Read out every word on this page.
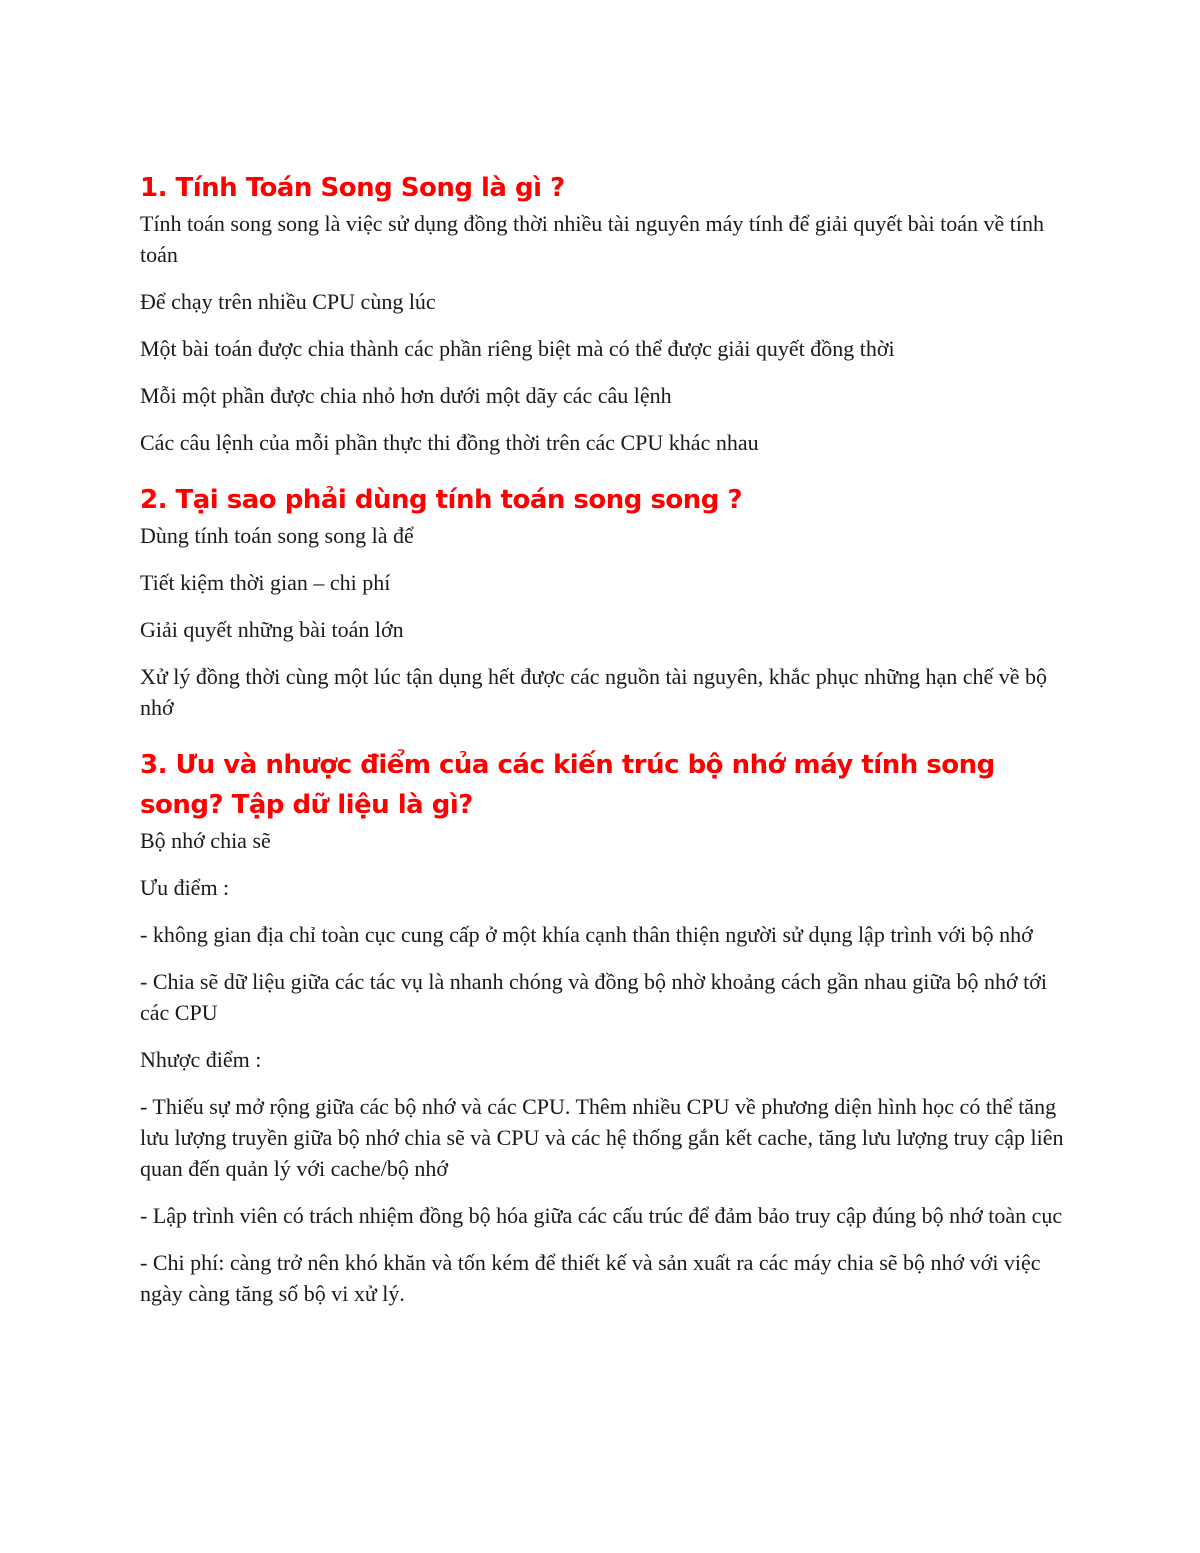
1. Tính Toán Song Song là gì ?

Tính toán song song là việc sử dụng đồng thời nhiều tài nguyên máy tính để giải quyết bài toán về tính toán

Để chạy trên nhiều CPU cùng lúc

Một bài toán được chia thành các phần riêng biệt mà có thể được giải quyết đồng thời

Mỗi một phần được chia nhỏ hơn dưới một dãy các câu lệnh

Các câu lệnh của mỗi phần thực thi đồng thời trên các CPU khác nhau

2. Tại sao phải dùng tính toán song song ?

Dùng tính toán song song là để

Tiết kiệm thời gian – chi phí

Giải quyết những bài toán lớn

Xử lý đồng thời cùng một lúc tận dụng hết được các nguồn tài nguyên, khắc phục những hạn chế về bộ nhớ

3. Ưu và nhược điểm của các kiến trúc bộ nhớ máy tính song song? Tập dữ liệu là gì?

Bộ nhớ chia sẽ

Ưu điểm :

- không gian địa chỉ toàn cục cung cấp ở một khía cạnh thân thiện người sử dụng lập trình với bộ nhớ

- Chia sẽ dữ liệu giữa các tác vụ là nhanh chóng và đồng bộ nhờ khoảng cách gần nhau giữa bộ nhớ tới các CPU

Nhược điểm :

- Thiếu sự mở rộng giữa các bộ nhớ và các CPU. Thêm nhiều CPU về phương diện hình học có thể tăng lưu lượng truyền giữa bộ nhớ chia sẽ và CPU và các hệ thống gắn kết cache, tăng lưu lượng truy cập liên quan đến quản lý với cache/bộ nhớ

- Lập trình viên có trách nhiệm đồng bộ hóa giữa các cấu trúc để đảm bảo truy cập đúng bộ nhớ toàn cục

- Chi phí: càng trở nên khó khăn và tốn kém để thiết kế và sản xuất ra các máy chia sẽ bộ nhớ với việc ngày càng tăng số bộ vi xử lý.
